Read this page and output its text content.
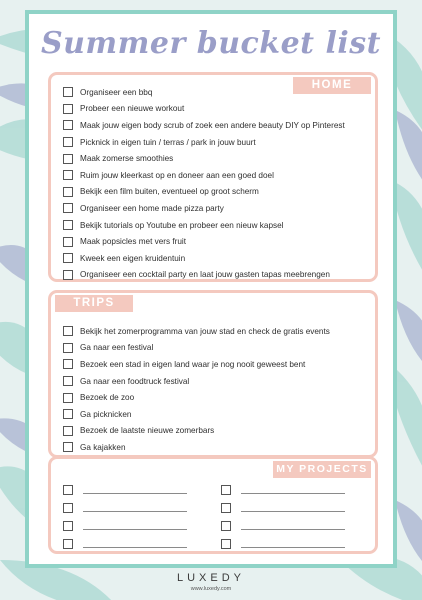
Summer bucket list
HOME
Organiseer een bbq
Probeer een nieuwe workout
Maak jouw eigen body scrub of zoek een andere beauty DIY op Pinterest
Picknick in eigen tuin / terras / park in jouw buurt
Maak zomerse smoothies
Ruim jouw kleerkast op en doneer aan een goed doel
Bekijk een film buiten, eventueel op groot scherm
Organiseer een home made pizza party
Bekijk tutorials op Youtube en probeer een nieuw kapsel
Maak popsicles met vers fruit
Kweek een eigen kruidentuin
Organiseer een cocktail party en laat jouw gasten tapas meebrengen
TRIPS
Bekijk het zomerprogramma van jouw stad en check de gratis events
Ga naar een festival
Bezoek een stad in eigen land waar je nog nooit geweest bent
Ga naar een foodtruck festival
Bezoek de zoo
Ga picknicken
Bezoek de laatste nieuwe zomerbars
Ga kajakken
MY PROJECTS
LUXEDY
www.luxedy.com
